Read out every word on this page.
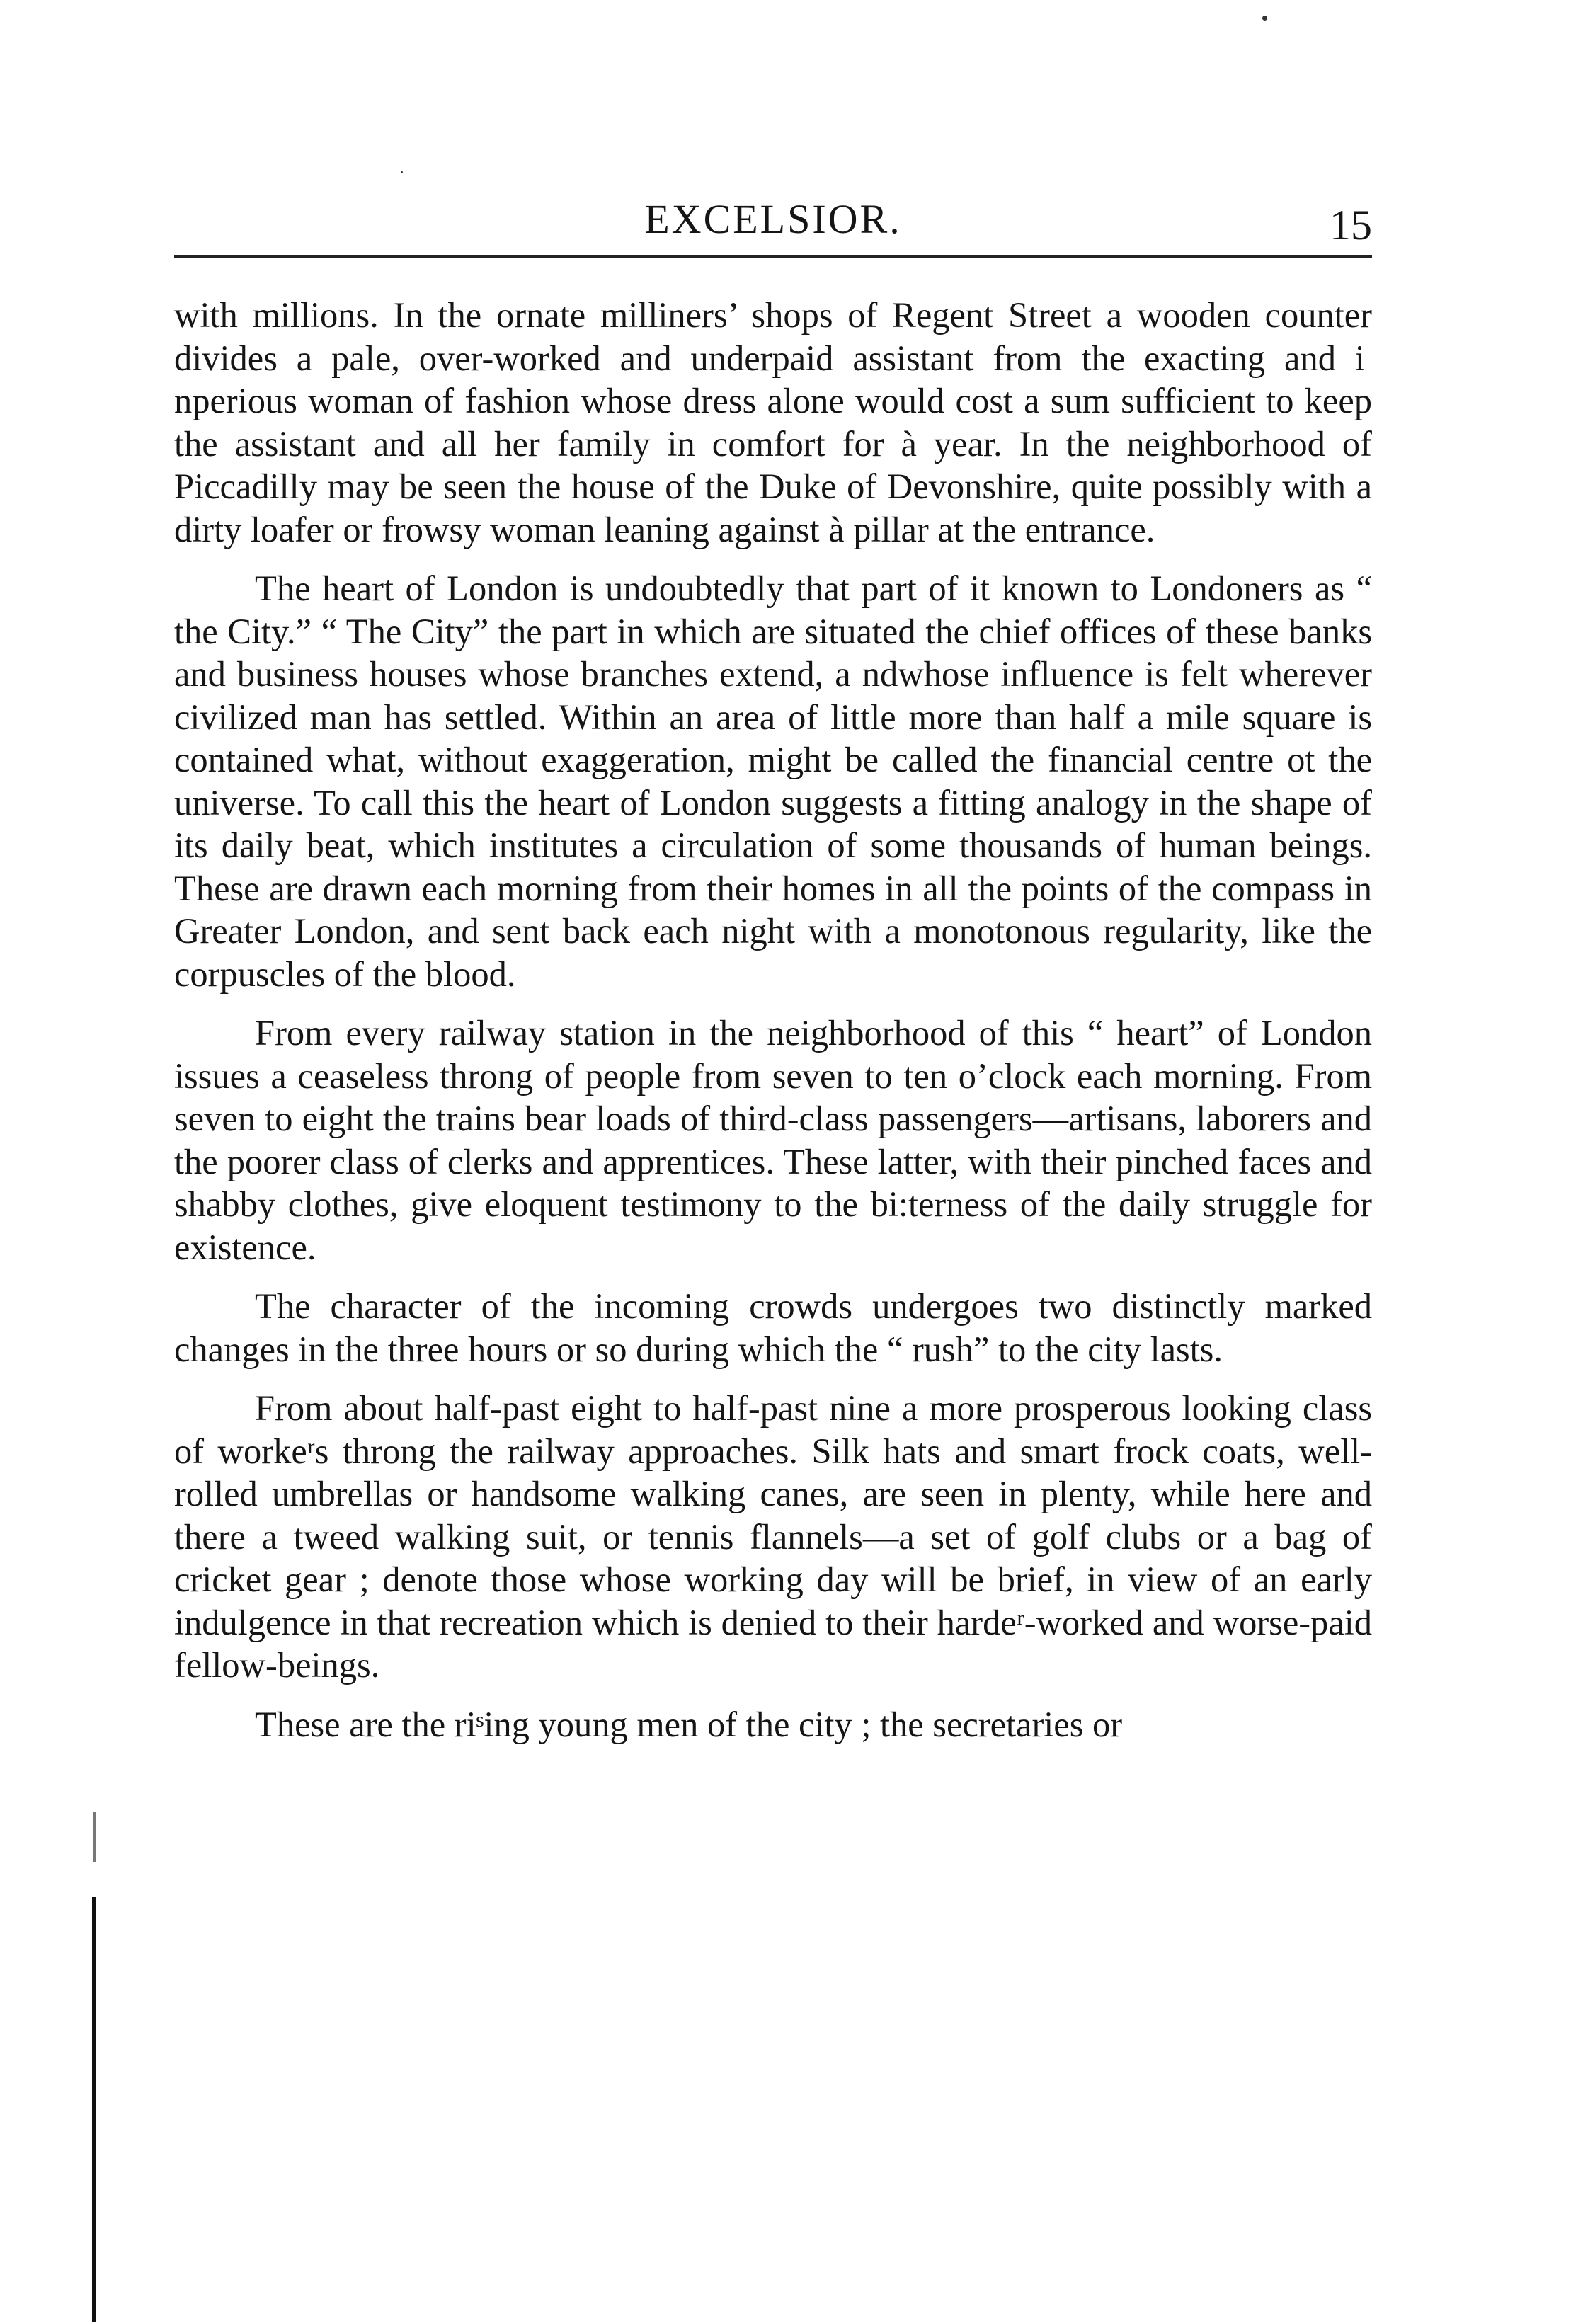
EXCELSIOR.	15

with millions. In the ornate milliners’ shops of Regent Street a wooden counter divides a pale, over-worked and underpaid assistant from the exacting and i nperious woman of fashion whose dress alone would cost a sum sufficient to keep the assistant and all her family in comfort for à year. In the neighborhood of Piccadilly may be seen the house of the Duke of Devonshire, quite possibly with a dirty loafer or frowsy woman leaning against à pillar at the entrance.

The heart of London is undoubtedly that part of it known to Londoners as “ the City.” “ The City” the part in which are situated the chief offices of these banks and business houses whose branches extend, a ndwhose influence is felt wherever civilized man has settled. Within an area of littlе more than half a mile square is contained what, without exaggeration, might be called the financial centre ot the universe. To call this the heart of London suggests a fitting analogy in the shape of its daily beat, which institutes a circulation of some thousands of human beings. These are drawn each morning from their homes in all the points of the compass in Greater London, and sent back each night with a monotonous regularity, like the corpuscles of the blood.

From every railway station in the neighborhood of this “ heart” of London issues a ceaseless throng of people from seven to ten o’clock each morning. From seven to eight the trains bear loads of third-class passengers—artisans, laborers and the poorer class of clerks and apprentices. These latter, with their pinched faces and shabby clothes, give eloquent testimony to the bi:terness of the daily struggle for existence.

The character of the incoming crowds undergoes two distinctly marked changes in the three hours or so during which the “ rush” to the city lasts.

From about half-past eight to half-past nine a more prosperous looking class of workeʳs throng the railway approaches. Silk hats and smart frock coats, well-rolled umbrellas or handsome walking canes, are seen in plenty, while here and there a tweed walking suit, or tennis flannels—a set of golf clubs or a bag of cricket gear ; denote those whose working day will be brief, in view of an early indulgence in that recreation which is denied to their hardeʳ-worked and worse-paid fellow-beings.

These are the riˢing young men of the city ; the secretaries or
